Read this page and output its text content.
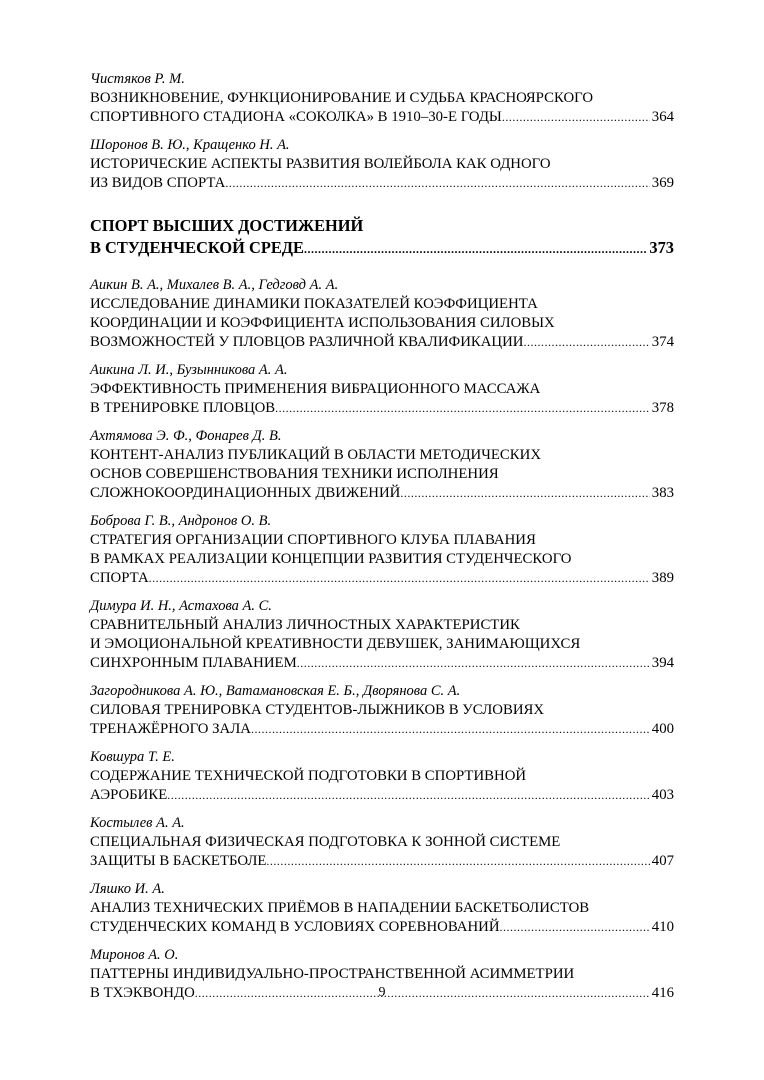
Чистяков Р. М.
ВОЗНИКНОВЕНИЕ, ФУНКЦИОНИРОВАНИЕ И СУДЬБА КРАСНОЯРСКОГО
СПОРТИВНОГО СТАДИОНА «СОКОЛКА» В 1910–30-Е ГОДЫ .....	364
Шоронов В. Ю., Кращенко Н. А.
ИСТОРИЧЕСКИЕ АСПЕКТЫ РАЗВИТИЯ ВОЛЕЙБОЛА КАК ОДНОГО
ИЗ ВИДОВ СПОРТА .....	369
СПОРТ ВЫСШИХ ДОСТИЖЕНИЙ
В СТУДЕНЧЕСКОЙ СРЕДЕ .....	373
Аикин В. А., Михалев В. А., Гедговд А. А.
ИССЛЕДОВАНИЕ ДИНАМИКИ ПОКАЗАТЕЛЕЙ КОЭФФИЦИЕНТА
КООРДИНАЦИИ И КОЭФФИЦИЕНТА ИСПОЛЬЗОВАНИЯ СИЛОВЫХ
ВОЗМОЖНОСТЕЙ У ПЛОВЦОВ РАЗЛИЧНОЙ КВАЛИФИКАЦИИ .....	374
Аикина Л. И., Бузынникова А. А.
ЭФФЕКТИВНОСТЬ ПРИМЕНЕНИЯ ВИБРАЦИОННОГО МАССАЖА
В ТРЕНИРОВКЕ ПЛОВЦОВ .....	378
Ахтямова Э. Ф., Фонарев Д. В.
КОНТЕНТ-АНАЛИЗ ПУБЛИКАЦИЙ В ОБЛАСТИ МЕТОДИЧЕСКИХ
ОСНОВ СОВЕРШЕНСТВОВАНИЯ ТЕХНИКИ ИСПОЛНЕНИЯ
СЛОЖНОКООРДИНАЦИОННЫХ ДВИЖЕНИЙ .....	383
Боброва Г. В., Андронов О. В.
СТРАТЕГИЯ ОРГАНИЗАЦИИ СПОРТИВНОГО КЛУБА ПЛАВАНИЯ
В РАМКАХ РЕАЛИЗАЦИИ КОНЦЕПЦИИ РАЗВИТИЯ СТУДЕНЧЕСКОГО
СПОРТА .....	389
Димура И. Н., Астахова А. С.
СРАВНИТЕЛЬНЫЙ АНАЛИЗ ЛИЧНОСТНЫХ ХАРАКТЕРИСТИК
И ЭМОЦИОНАЛЬНОЙ КРЕАТИВНОСТИ ДЕВУШЕК, ЗАНИМАЮЩИХСЯ
СИНХРОННЫМ ПЛАВАНИЕМ .....	394
Загородникова А. Ю., Ватамановская Е. Б., Дворянова С. А.
СИЛОВАЯ ТРЕНИРОВКА СТУДЕНТОВ-ЛЫЖНИКОВ В УСЛОВИЯХ
ТРЕНАЖЁРНОГО ЗАЛА .....	400
Ковшура Т. Е.
СОДЕРЖАНИЕ ТЕХНИЧЕСКОЙ ПОДГОТОВКИ В СПОРТИВНОЙ
АЭРОБИКЕ .....	403
Костылев А. А.
СПЕЦИАЛЬНАЯ ФИЗИЧЕСКАЯ ПОДГОТОВКА К ЗОННОЙ СИСТЕМЕ
ЗАЩИТЫ В БАСКЕТБОЛЕ .....	407
Ляшко И. А.
АНАЛИЗ ТЕХНИЧЕСКИХ ПРИЁМОВ В НАПАДЕНИИ БАСКЕТБОЛИСТОВ
СТУДЕНЧЕСКИХ КОМАНД В УСЛОВИЯХ СОРЕВНОВАНИЙ .....	410
Миронов А. О.
ПАТТЕРНЫ ИНДИВИДУАЛЬНО-ПРОСТРАНСТВЕННОЙ АСИММЕТРИИ
В ТХЭКВОНДО .....	416
9
